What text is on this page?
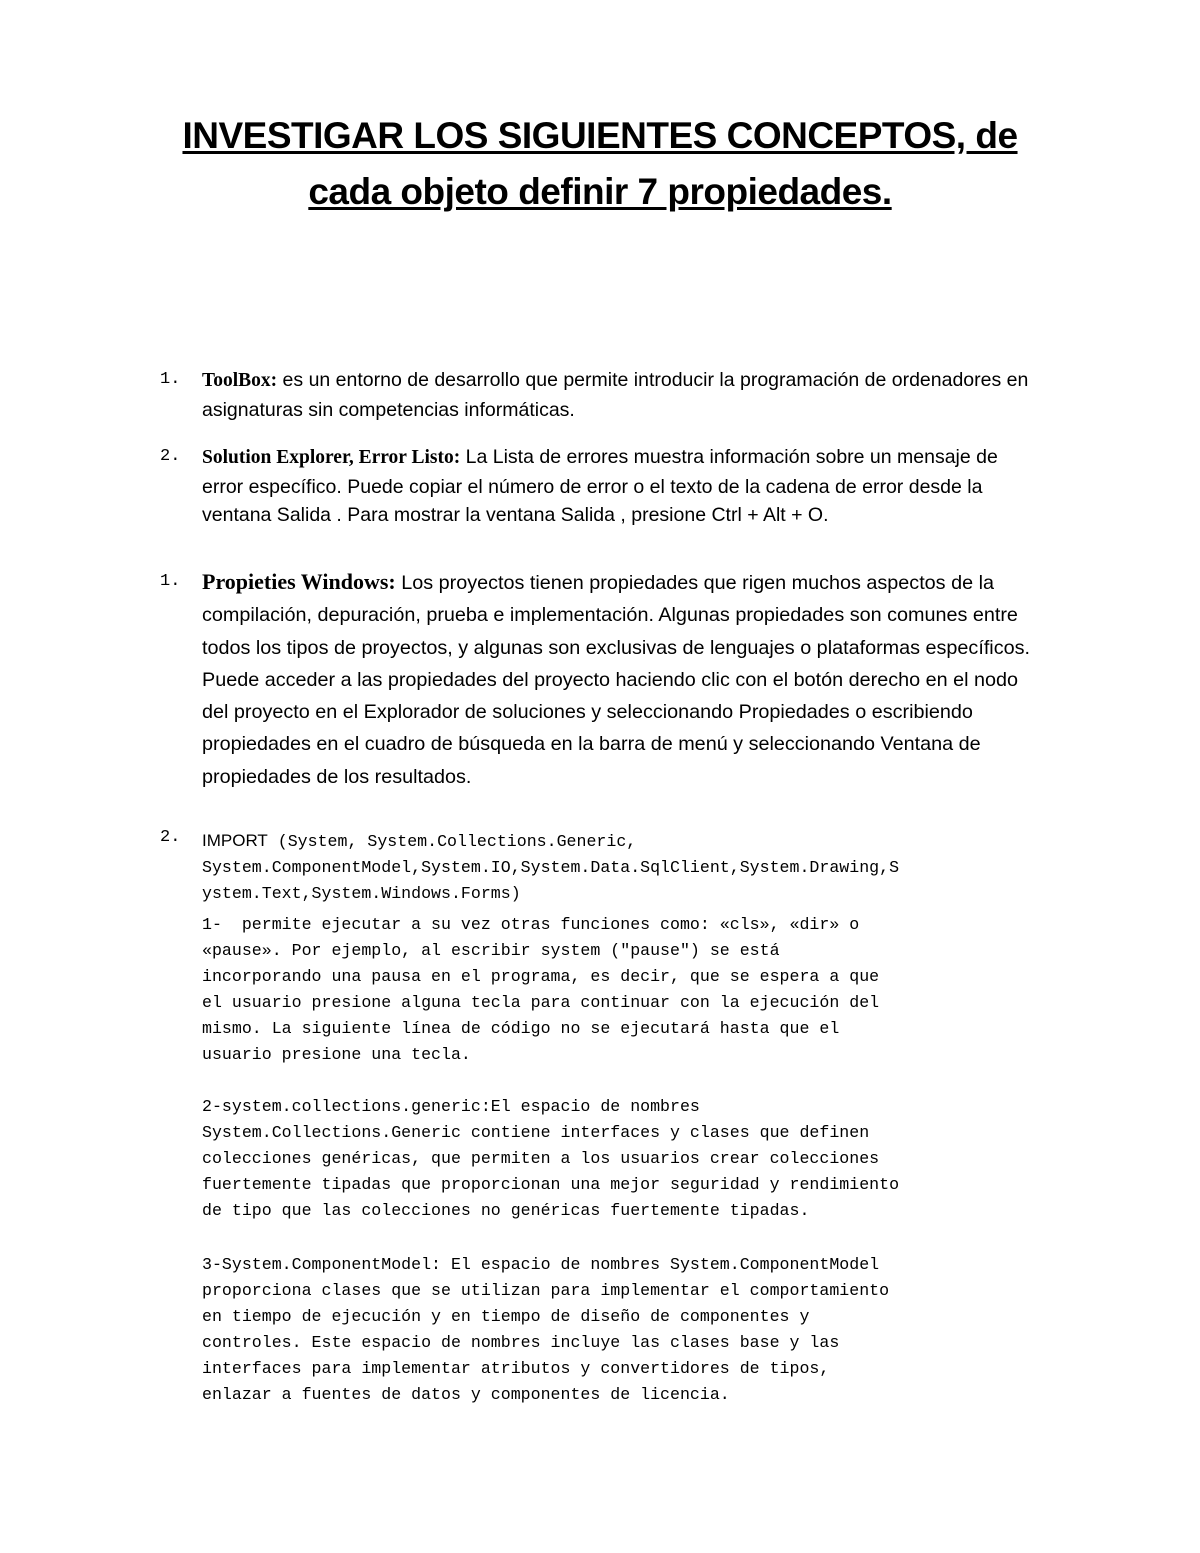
INVESTIGAR LOS SIGUIENTES CONCEPTOS, de
cada objeto definir 7 propiedades.
1. ToolBox: es un entorno de desarrollo que permite introducir la programación de ordenadores en asignaturas sin competencias informáticas.
2. Solution Explorer, Error Listo: La Lista de errores muestra información sobre un mensaje de error específico. Puede copiar el número de error o el texto de la cadena de error desde la ventana Salida . Para mostrar la ventana Salida , presione Ctrl + Alt + O.
1. Propieties Windows: Los proyectos tienen propiedades que rigen muchos aspectos de la compilación, depuración, prueba e implementación. Algunas propiedades son comunes entre todos los tipos de proyectos, y algunas son exclusivas de lenguajes o plataformas específicos. Puede acceder a las propiedades del proyecto haciendo clic con el botón derecho en el nodo del proyecto en el Explorador de soluciones y seleccionando Propiedades o escribiendo propiedades en el cuadro de búsqueda en la barra de menú y seleccionando Ventana de propiedades de los resultados.
2. IMPORT (System, System.Collections.Generic,
System.ComponentModel,System.IO,System.Data.SqlClient,System.Drawing,S
ystem.Text,System.Windows.Forms)
1-  permite ejecutar a su vez otras funciones como: «cls», «dir» o
«pause». Por ejemplo, al escribir system ("pause") se está
incorporando una pausa en el programa, es decir, que se espera a que
el usuario presione alguna tecla para continuar con la ejecución del
mismo. La siguiente línea de código no se ejecutará hasta que el
usuario presione una tecla.
2-system.collections.generic:El espacio de nombres
System.Collections.Generic contiene interfaces y clases que definen
colecciones genéricas, que permiten a los usuarios crear colecciones
fuertemente tipadas que proporcionan una mejor seguridad y rendimiento
de tipo que las colecciones no genéricas fuertemente tipadas.
3-System.ComponentModel: El espacio de nombres System.ComponentModel
proporciona clases que se utilizan para implementar el comportamiento
en tiempo de ejecución y en tiempo de diseño de componentes y
controles. Este espacio de nombres incluye las clases base y las
interfaces para implementar atributos y convertidores de tipos,
enlazar a fuentes de datos y componentes de licencia.
